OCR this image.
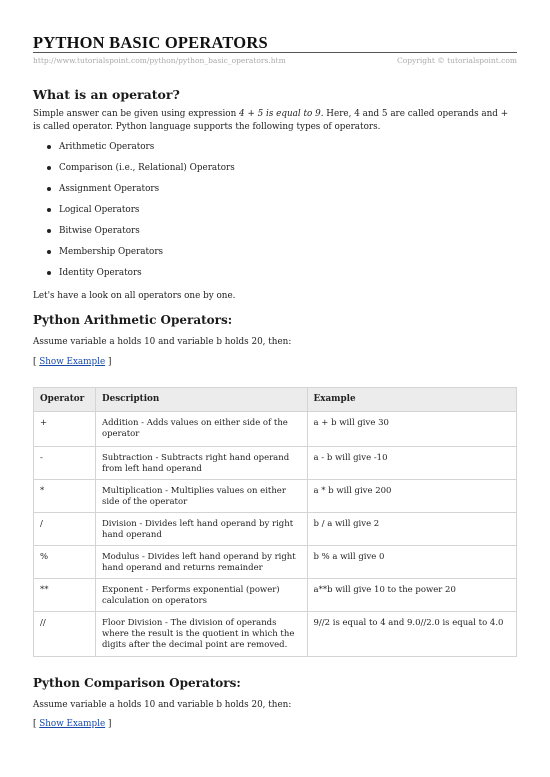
PYTHON BASIC OPERATORS
http://www.tutorialspoint.com/python/python_basic_operators.htm	Copyright © tutorialspoint.com
What is an operator?
Simple answer can be given using expression 4 + 5 is equal to 9. Here, 4 and 5 are called operands and + is called operator. Python language supports the following types of operators.
Arithmetic Operators
Comparison (i.e., Relational) Operators
Assignment Operators
Logical Operators
Bitwise Operators
Membership Operators
Identity Operators
Let's have a look on all operators one by one.
Python Arithmetic Operators:
Assume variable a holds 10 and variable b holds 20, then:
[ Show Example ]
Operator	Description	Example
+	Addition - Adds values on either side of the operator	a + b will give 30
-	Subtraction - Subtracts right hand operand from left hand operand	a - b will give -10
*	Multiplication - Multiplies values on either side of the operator	a * b will give 200
/	Division - Divides left hand operand by right hand operand	b / a will give 2
%	Modulus - Divides left hand operand by right hand operand and returns remainder	b % a will give 0
**	Exponent - Performs exponential (power) calculation on operators	a**b will give 10 to the power 20
//	Floor Division - The division of operands where the result is the quotient in which the digits after the decimal point are removed.	9//2 is equal to 4 and 9.0//2.0 is equal to 4.0
Python Comparison Operators:
Assume variable a holds 10 and variable b holds 20, then:
[ Show Example ]
